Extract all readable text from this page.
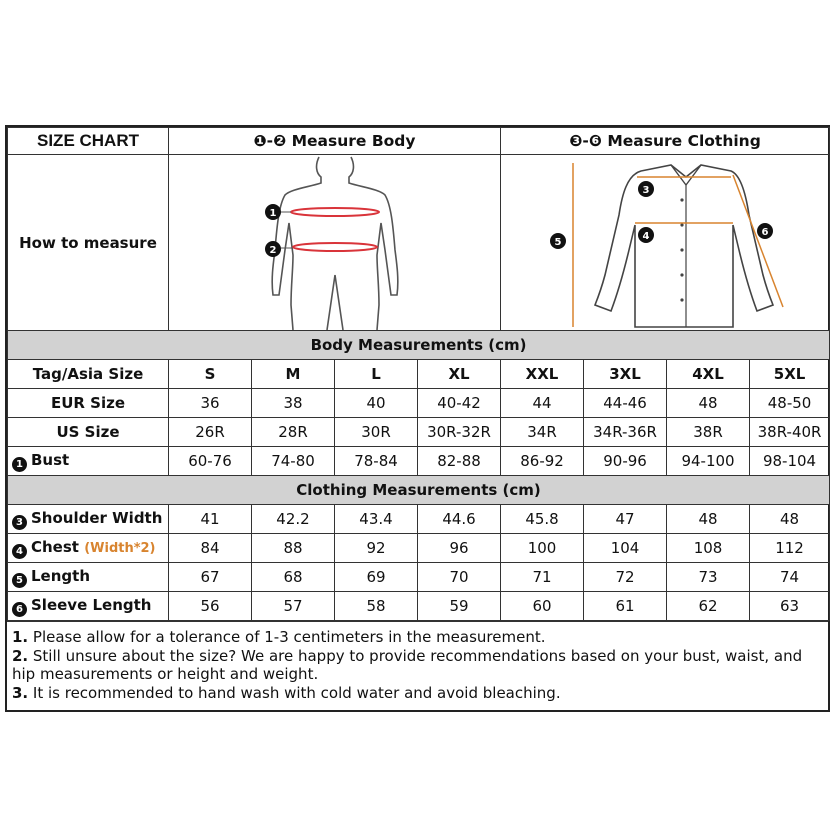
SIZE CHART	❶-❷ Measure Body				❸-❻ Measure Clothing			
How to measure	1
2				3
4
5
6			

Body Measurements (cm)								
Tag/Asia Size	S	M	L	XL	XXL	3XL	4XL	5XL
EUR Size	36	38	40	40-42	44	44-46	48	48-50
US Size	26R	28R	30R	30R-32R	34R	34R-36R	38R	38R-40R
1 Bust	60-76	74-80	78-84	82-88	86-92	90-96	94-100	98-104
Clothing Measurements (cm)								
3 Shoulder Width	41	42.2	43.4	44.6	45.8	47	48	48
4 Chest (Width*2)	84	88	92	96	100	104	108	112
5 Length	67	68	69	70	71	72	73	74
6 Sleeve Length	56	57	58	59	60	61	62	63

1. Please allow for a tolerance of 1-3 centimeters in the measurement.

2. Still unsure about the size? We are happy to provide recommendations based on your bust, waist, and hip measurements or height and weight.

3. It is recommended to hand wash with cold water and avoid bleaching.
